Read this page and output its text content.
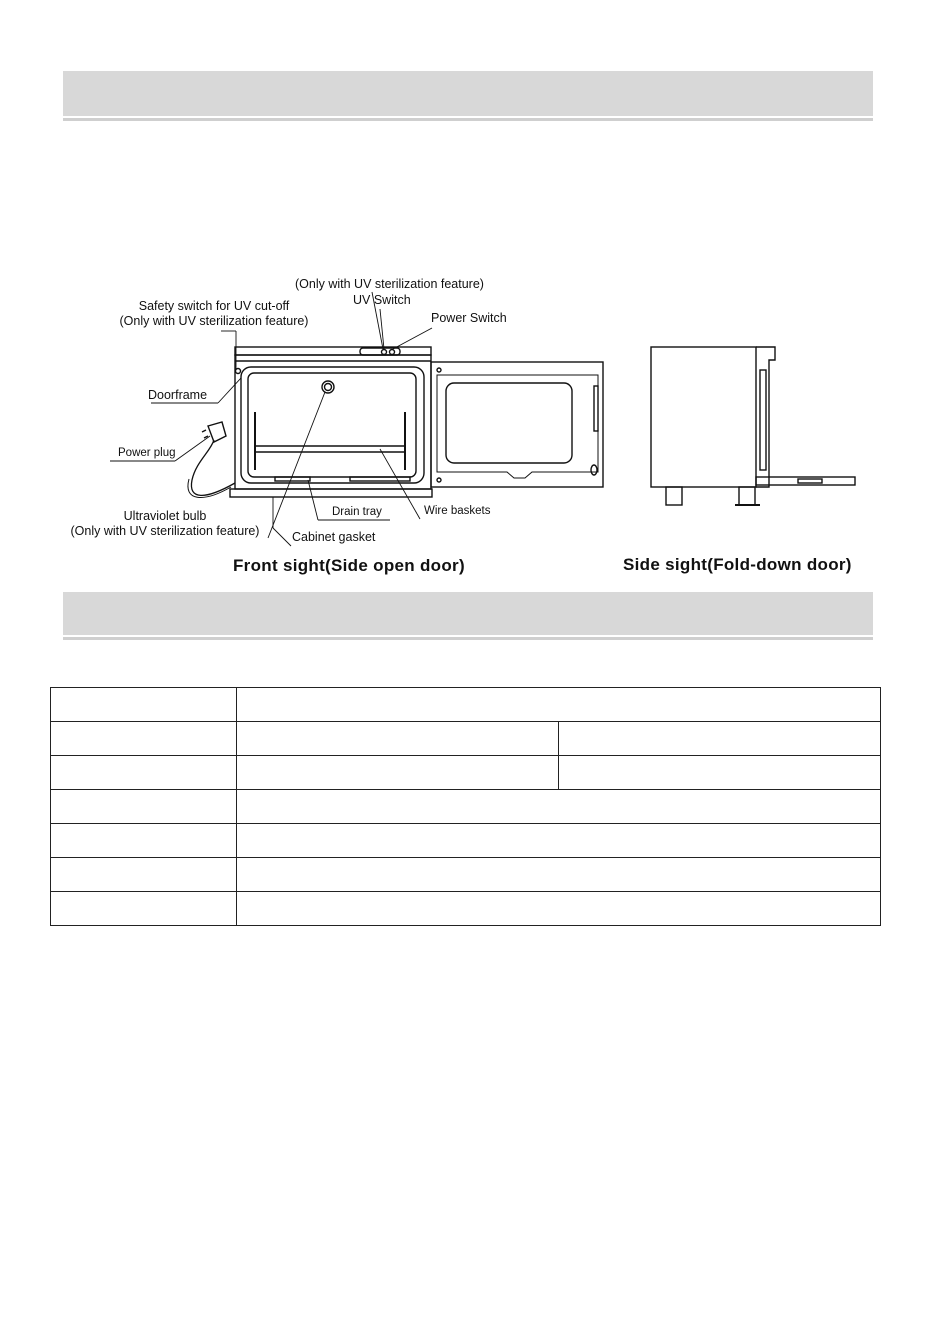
(Only with UV sterilization feature)
UV Switch
Power Switch
Safety switch for UV cut-off
(Only with UV sterilization feature)
Doorframe
Power plug
Ultraviolet bulb
(Only with UV sterilization feature)
Drain tray	Wire baskets
Cabinet gasket
Front sight(Side open door)	Side sight(Fold-down door)
